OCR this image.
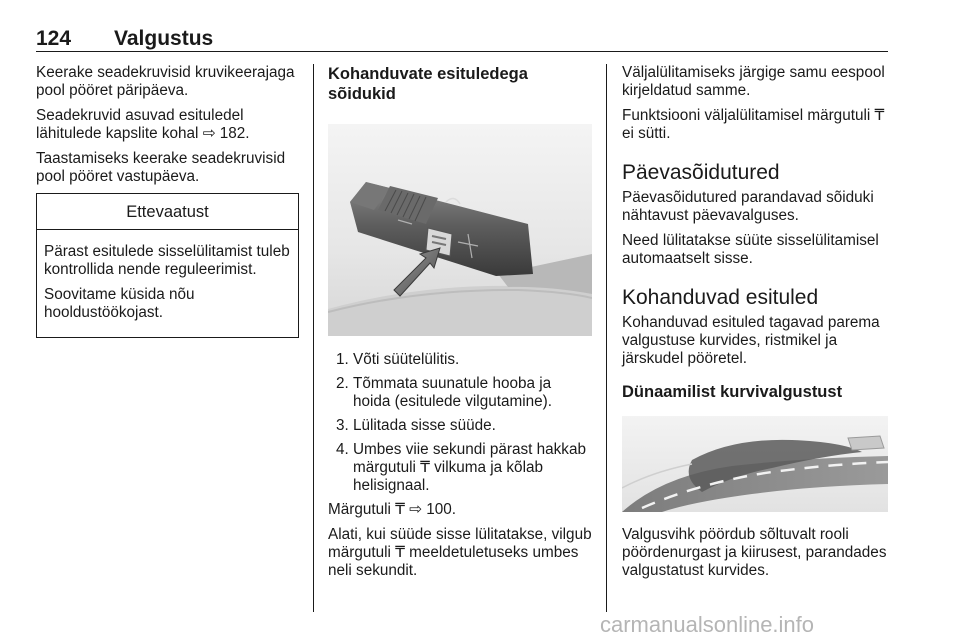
124 Valgustus

Keerake seadekruvisid kruvikeerajaga pool pööret päripäeva.

Seadekruvid asuvad esituledel lähitulede kapslite kohal ⇨ 182.

Taastamiseks keerake seadekruvisid pool pööret vastupäeva.

Ettevaatust

Pärast esitulede sisselülitamist tuleb kontrollida nende reguleerimist.

Soovitame küsida nõu hooldustöökojast.

Kohanduvate esituledega sõidukid
1. Võti süütelülitis.
2. Tõmmata suunatule hooba ja hoida (esitulede vilgutamine).
3. Lülitada sisse süüde.
4. Umbes viie sekundi pärast hakkab märgutuli ₸ vilkuma ja kõlab helisignaal.

Märgutuli ₸ ⇨ 100.

Alati, kui süüde sisse lülitatakse, vilgub märgutuli ₸ meeldetuletuseks umbes neli sekundit.

Väljalülitamiseks järgige samu eespool kirjeldatud samme.

Funktsiooni väljalülitamisel märgutuli ₸ ei sütti.

Päevasõidutured

Päevasõidutured parandavad sõiduki nähtavust päevavalguses.

Need lülitatakse süüte sisselülitamisel automaatselt sisse.

Kohanduvad esituled

Kohanduvad esituled tagavad parema valgustuse kurvides, ristmikel ja järskudel pööretel.

Dünaamilist kurvivalgustust

Valgusvihk pöördub sõltuvalt rooli pöördenurgast ja kiirusest, parandades valgustatust kurvides.

carmanualsonline.info
